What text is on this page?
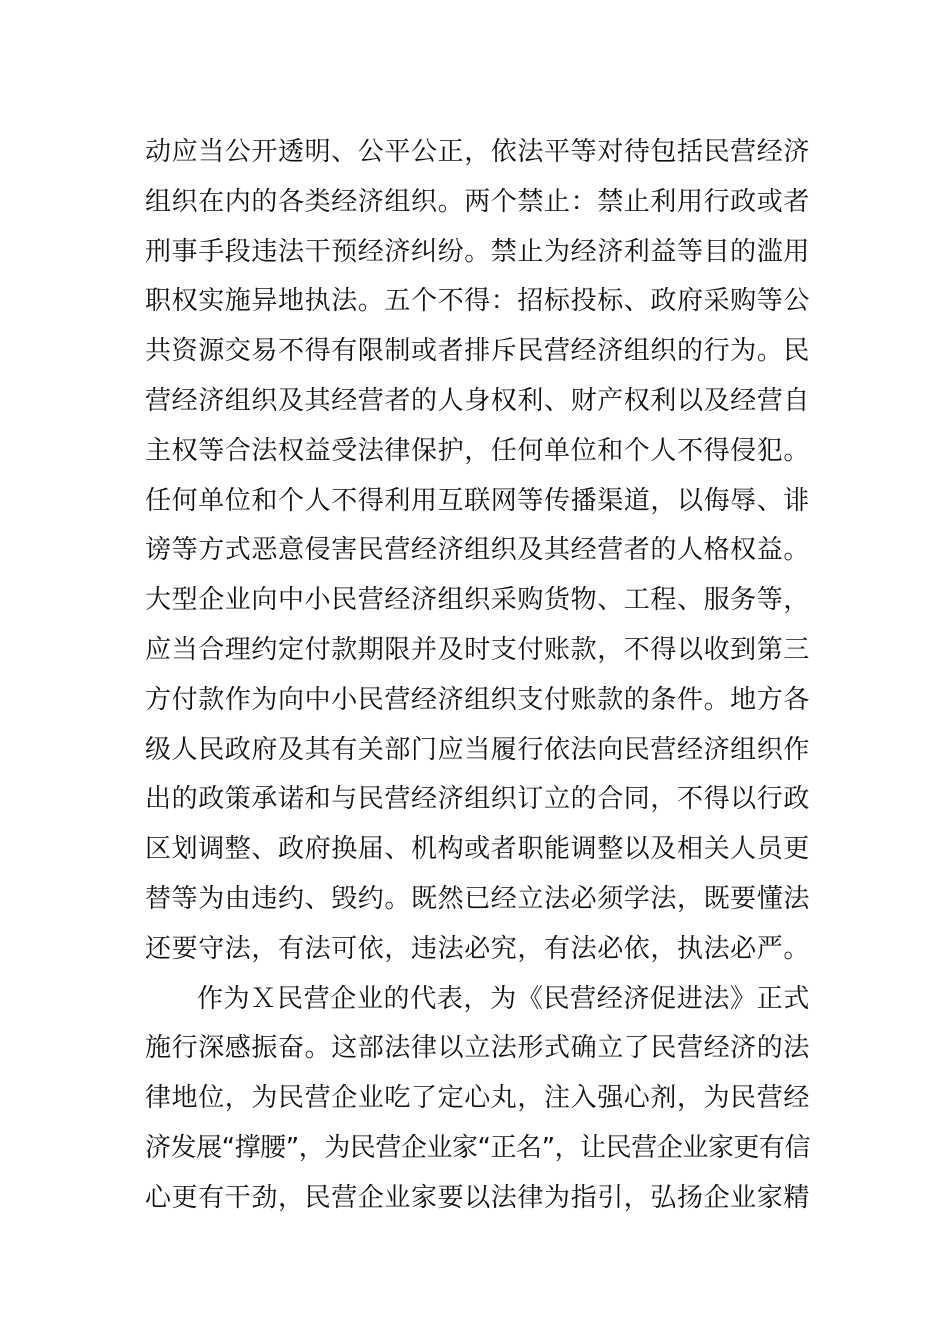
动应当公开透明、公平公正，依法平等对待包括民营经济
组织在内的各类经济组织。两个禁止：禁止利用行政或者
刑事手段违法干预经济纠纷。禁止为经济利益等目的滥用
职权实施异地执法。五个不得：招标投标、政府采购等公
共资源交易不得有限制或者排斥民营经济组织的行为。民
营经济组织及其经营者的人身权利、财产权利以及经营自
主权等合法权益受法律保护，任何单位和个人不得侵犯。
任何单位和个人不得利用互联网等传播渠道，以侮辱、诽
谤等方式恶意侵害民营经济组织及其经营者的人格权益。
大型企业向中小民营经济组织采购货物、工程、服务等，
应当合理约定付款期限并及时支付账款，不得以收到第三
方付款作为向中小民营经济组织支付账款的条件。地方各
级人民政府及其有关部门应当履行依法向民营经济组织作
出的政策承诺和与民营经济组织订立的合同，不得以行政
区划调整、政府换届、机构或者职能调整以及相关人员更
替等为由违约、毁约。既然已经立法必须学法，既要懂法
还要守法，有法可依，违法必究，有法必依，执法必严。
作为Ｘ民营企业的代表，为《民营经济促进法》正式
施行深感振奋。这部法律以立法形式确立了民营经济的法
律地位，为民营企业吃了定心丸，注入强心剂，为民营经
济发展“撑腰”，为民营企业家“正名”，让民营企业家更有信
心更有干劲，民营企业家要以法律为指引，弘扬企业家精
